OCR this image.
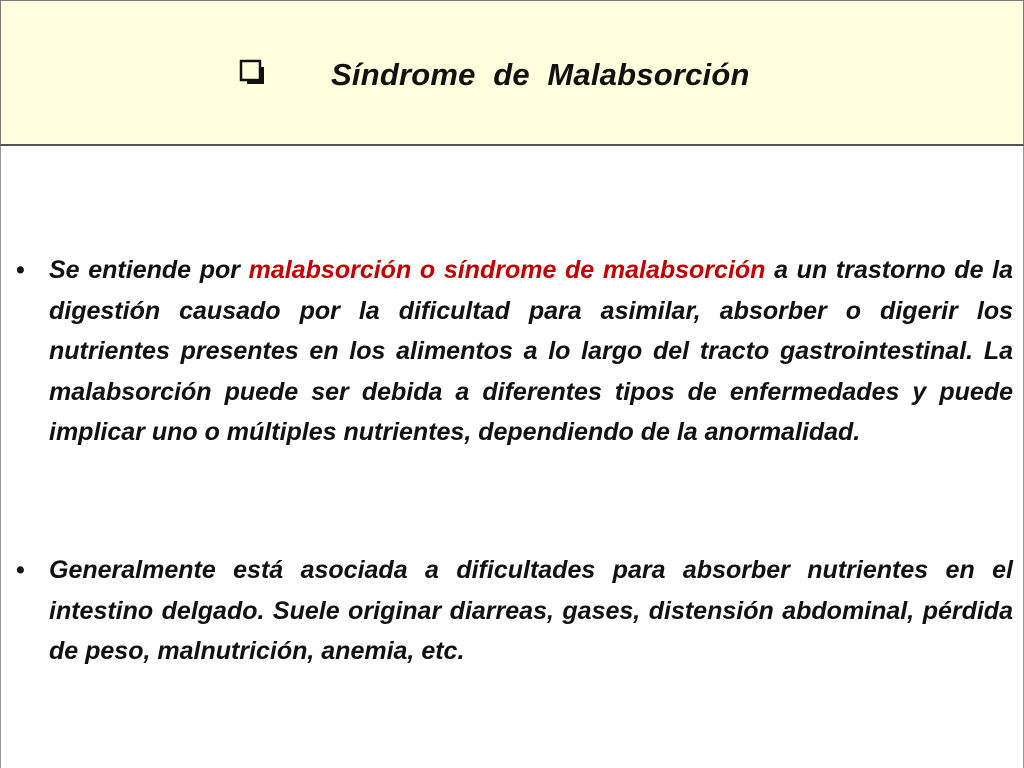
Síndrome  de  Malabsorción
• Se entiende por malabsorción o síndrome de malabsorción a un trastorno de la digestión causado por la dificultad para asimilar, absorber o digerir los nutrientes presentes en los alimentos a lo largo del tracto gastrointestinal. La malabsorción puede ser debida a diferentes tipos de enfermedades y puede implicar uno o múltiples nutrientes, dependiendo de la anormalidad.
• Generalmente está asociada a dificultades para absorber nutrientes en el intestino delgado. Suele originar diarreas, gases, distensión abdominal, pérdida de peso, malnutrición, anemia, etc.
